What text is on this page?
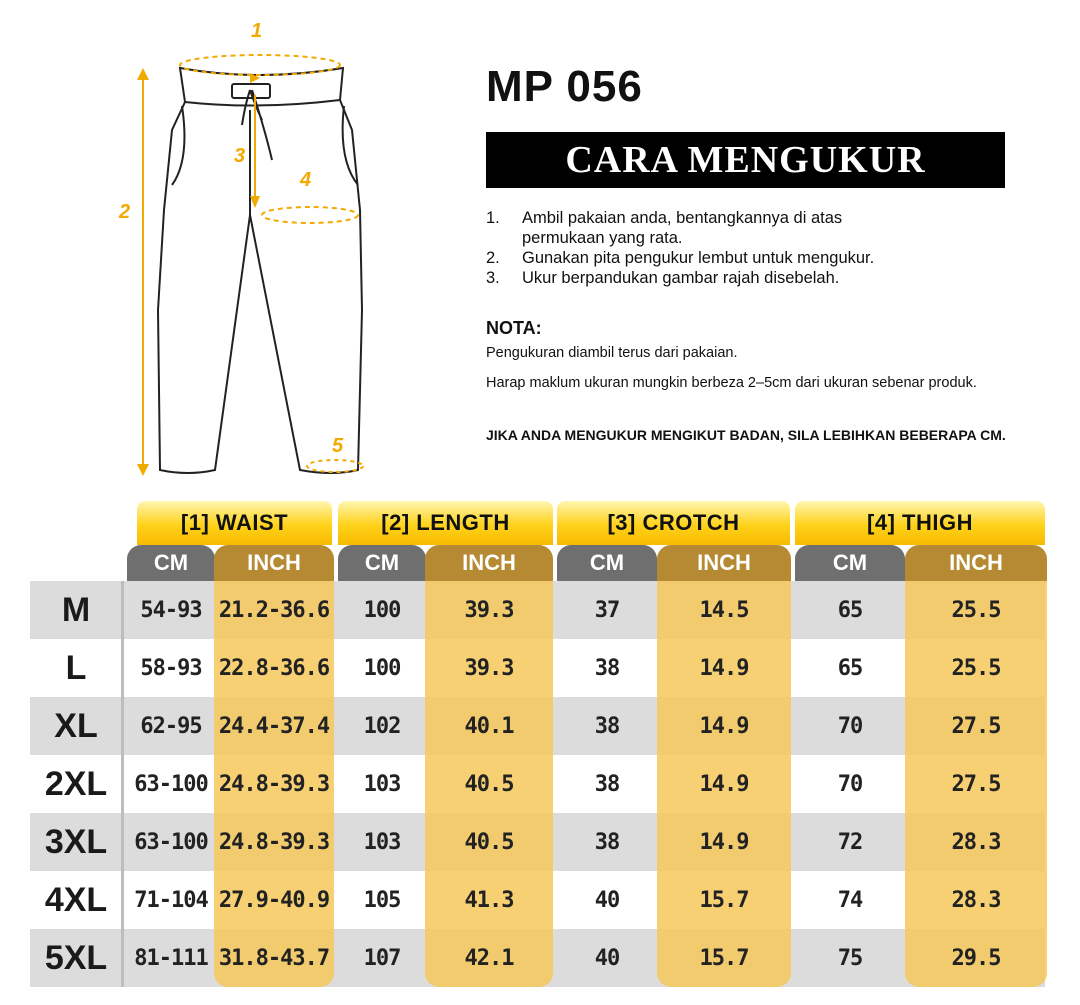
1
2
3
4
5
MP 056
CARA MENGUKUR
1.	Ambil pakaian anda, bentangkannya di atas
permukaan yang rata.
2.	Gunakan pita pengukur lembut untuk mengukur.
3.	Ukur berpandukan gambar rajah disebelah.
NOTA:

Pengukuran diambil terus dari pakaian.

Harap maklum ukuran mungkin berbeza 2–5cm dari ukuran sebenar produk.

JIKA ANDA MENGUKUR MENGIKUT BADAN, SILA LEBIHKAN BEBERAPA CM.

[1] WAIST	[2] LENGTH	[3] CROTCH	[4] THIGH
CM	INCH	CM	INCH	CM	INCH	CM	INCH
M	54-93 21.2-36.6	100	39.3	37	14.5	65	25.5
L	58-93 22.8-36.6	100	39.3	38	14.9	65	25.5
XL	62-95 24.4-37.4	102	40.1	38	14.9	70	27.5
2XL	63-100 24.8-39.3	103	40.5	38	14.9	70	27.5
3XL	63-100 24.8-39.3	103	40.5	38	14.9	72	28.3
4XL	71-104 27.9-40.9	105	41.3	40	15.7	74	28.3
5XL	81-111 31.8-43.7	107	42.1	40	15.7	75	29.5
